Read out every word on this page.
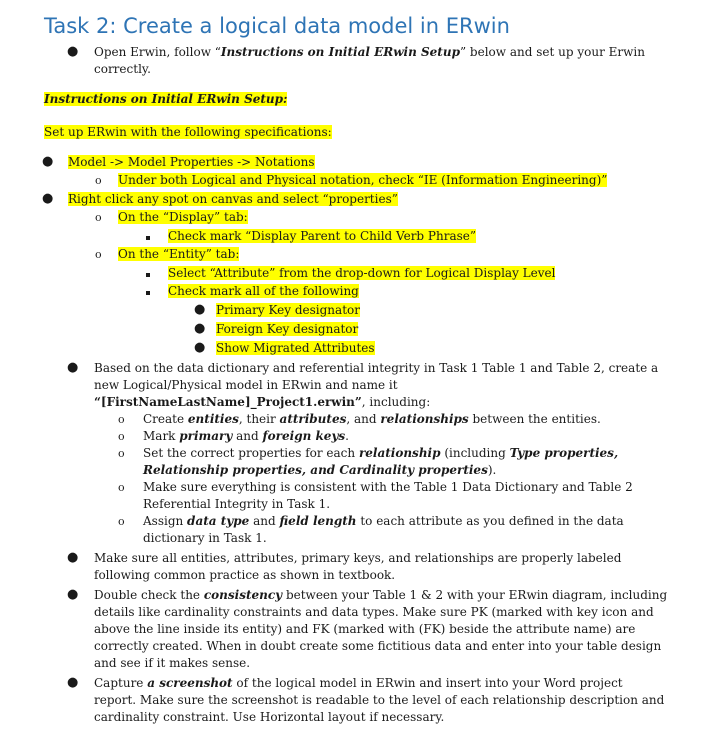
Task 2: Create a logical data model in ERwin
● Open Erwin, follow “Instructions on Initial ERwin Setup” below and set up your Erwin
correctly.
Instructions on Initial ERwin Setup:
Set up ERwin with the following specifications:
● Model -> Model Properties -> Notations
o Under both Logical and Physical notation, check “IE (Information Engineering)”
● Right click any spot on canvas and select “properties”
o On the “Display” tab:
Check mark “Display Parent to Child Verb Phrase”
o On the “Entity” tab:
Select “Attribute” from the drop-down for Logical Display Level
Check mark all of the following
● Primary Key designator
● Foreign Key designator
● Show Migrated Attributes
● Based on the data dictionary and referential integrity in Task 1 Table 1 and Table 2, create a
new Logical/Physical model in ERwin and name it
“[FirstNameLastName]_Project1.erwin”, including:
o Create entities, their attributes, and relationships between the entities.
o Mark primary and foreign keys.
o Set the correct properties for each relationship (including Type properties,
Relationship properties, and Cardinality properties).
o Make sure everything is consistent with the Table 1 Data Dictionary and Table 2
Referential Integrity in Task 1.
o Assign data type and field length to each attribute as you defined in the data
dictionary in Task 1.
● Make sure all entities, attributes, primary keys, and relationships are properly labeled
following common practice as shown in textbook.
● Double check the consistency between your Table 1 & 2 with your ERwin diagram, including
details like cardinality constraints and data types. Make sure PK (marked with key icon and
above the line inside its entity) and FK (marked with (FK) beside the attribute name) are
correctly created. When in doubt create some fictitious data and enter into your table design
and see if it makes sense.
● Capture a screenshot of the logical model in ERwin and insert into your Word project
report. Make sure the screenshot is readable to the level of each relationship description and
cardinality constraint. Use Horizontal layout if necessary.
